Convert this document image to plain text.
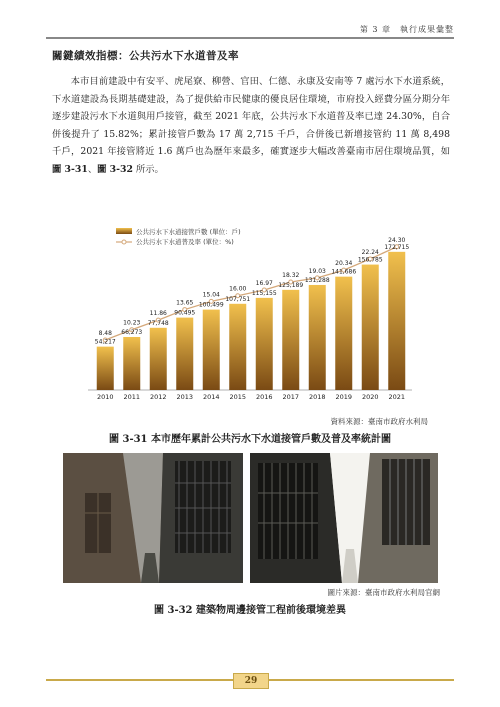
第 3 章　執行成果彙整
關鍵績效指標：公共污水下水道普及率

本市目前建設中有安平、虎尾寮、柳營、官田、仁德、永康及安南等 7 處污水下水道系統，下水道建設為長期基礎建設，為了提供給市民健康的優良居住環境，市府投入經費分區分期分年逐步建設污水下水道與用戶接管，截至 2021 年底，公共污水下水道普及率已達 24.30%，自合併後提升了 15.82%；累計接管戶數為 17 萬 2,715 千戶，合併後已新增接管約 11 萬 8,498 千戶，2021 年接管將近 1.6 萬戶也為歷年來最多，確實逐步大幅改善臺南市居住環境品質，如圖 3-31、圖 3-32 所示。

54,217
2010
66,273
2011
77,748
2012
90,495
2013
100,499
2014
107,751
2015
115,155
2016
125,189
2017
131,288
2018
141,686
2019
156,785
2020
172,715
2021
8.48
10.23
11.86
13.65
15.04
16.00
16.97
18.32
19.03
20.34
22.24
24.30
公共污水下水道接管戶數 (單位：戶)
公共污水下水道普及率 (單位：%)
資料來源：臺南市政府水利局
圖 3-31 本市歷年累計公共污水下水道接管戶數及普及率統計圖
圖片來源：臺南市政府水利局官網
圖 3-32 建築物周邊接管工程前後環境差異
29
